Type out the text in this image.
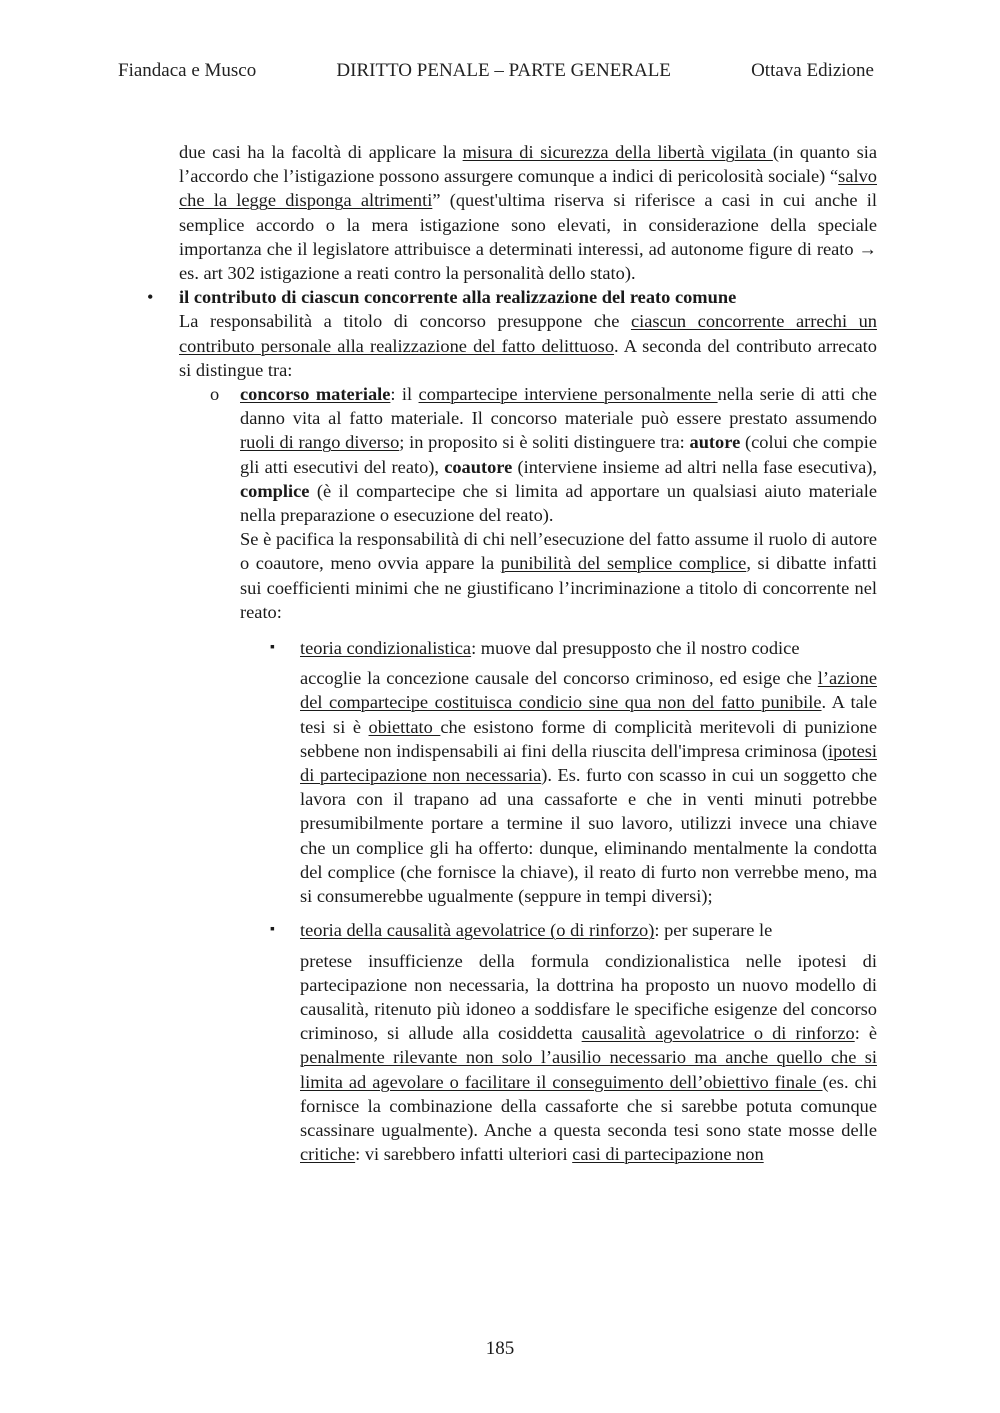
Fiandaca e Musco	DIRITTO PENALE – PARTE GENERALE	Ottava Edizione

due casi ha la facoltà di applicare la misura di sicurezza della libertà vigilata (in quanto sia l’accordo che l’istigazione possono assurgere comunque a indici di pericolosità sociale) “salvo che la legge disponga altrimenti” (quest'ultima riserva si riferisce a casi in cui anche il semplice accordo o la mera istigazione sono elevati, in considerazione della speciale importanza che il legislatore attribuisce a determinati interessi, ad autonome figure di reato → es. art 302 istigazione a reati contro la personalità dello stato).

• il contributo di ciascun concorrente alla realizzazione del reato comune

La responsabilità a titolo di concorso presuppone che ciascun concorrente arrechi un contributo personale alla realizzazione del fatto delittuoso. A seconda del contributo arrecato si distingue tra:

o concorso materiale: il compartecipe interviene personalmente nella serie di atti che danno vita al fatto materiale. Il concorso materiale può essere prestato assumendo ruoli di rango diverso; in proposito si è soliti distinguere tra: autore (colui che compie gli atti esecutivi del reato), coautore (interviene insieme ad altri nella fase esecutiva), complice (è il compartecipe che si limita ad apportare un qualsiasi aiuto materiale nella preparazione o esecuzione del reato).

Se è pacifica la responsabilità di chi nell’esecuzione del fatto assume il ruolo di autore o coautore, meno ovvia appare la punibilità del semplice complice, si dibatte infatti sui coefficienti minimi che ne giustificano l’incriminazione a titolo di concorrente nel reato:

▪ teoria condizionalistica: muove dal presupposto che il nostro codice

accoglie la concezione causale del concorso criminoso, ed esige che l’azione del compartecipe costituisca condicio sine qua non del fatto punibile. A tale tesi si è obiettato che esistono forme di complicità meritevoli di punizione sebbene non indispensabili ai fini della riuscita dell'impresa criminosa (ipotesi di partecipazione non necessaria). Es. furto con scasso in cui un soggetto che lavora con il trapano ad una cassaforte e che in venti minuti potrebbe presumibilmente portare a termine il suo lavoro, utilizzi invece una chiave che un complice gli ha offerto: dunque, eliminando mentalmente la condotta del complice (che fornisce la chiave), il reato di furto non verrebbe meno, ma si consumerebbe ugualmente (seppure in tempi diversi);

▪ teoria della causalità agevolatrice (o di rinforzo): per superare le

pretese insufficienze della formula condizionalistica nelle ipotesi di partecipazione non necessaria, la dottrina ha proposto un nuovo modello di causalità, ritenuto più idoneo a soddisfare le specifiche esigenze del concorso criminoso, si allude alla cosiddetta causalità agevolatrice o di rinforzo: è penalmente rilevante non solo l’ausilio necessario ma anche quello che si limita ad agevolare o facilitare il conseguimento dell’obiettivo finale (es. chi fornisce la combinazione della cassaforte che si sarebbe potuta comunque scassinare ugualmente). Anche a questa seconda tesi sono state mosse delle critiche: vi sarebbero infatti ulteriori casi di partecipazione non

185
